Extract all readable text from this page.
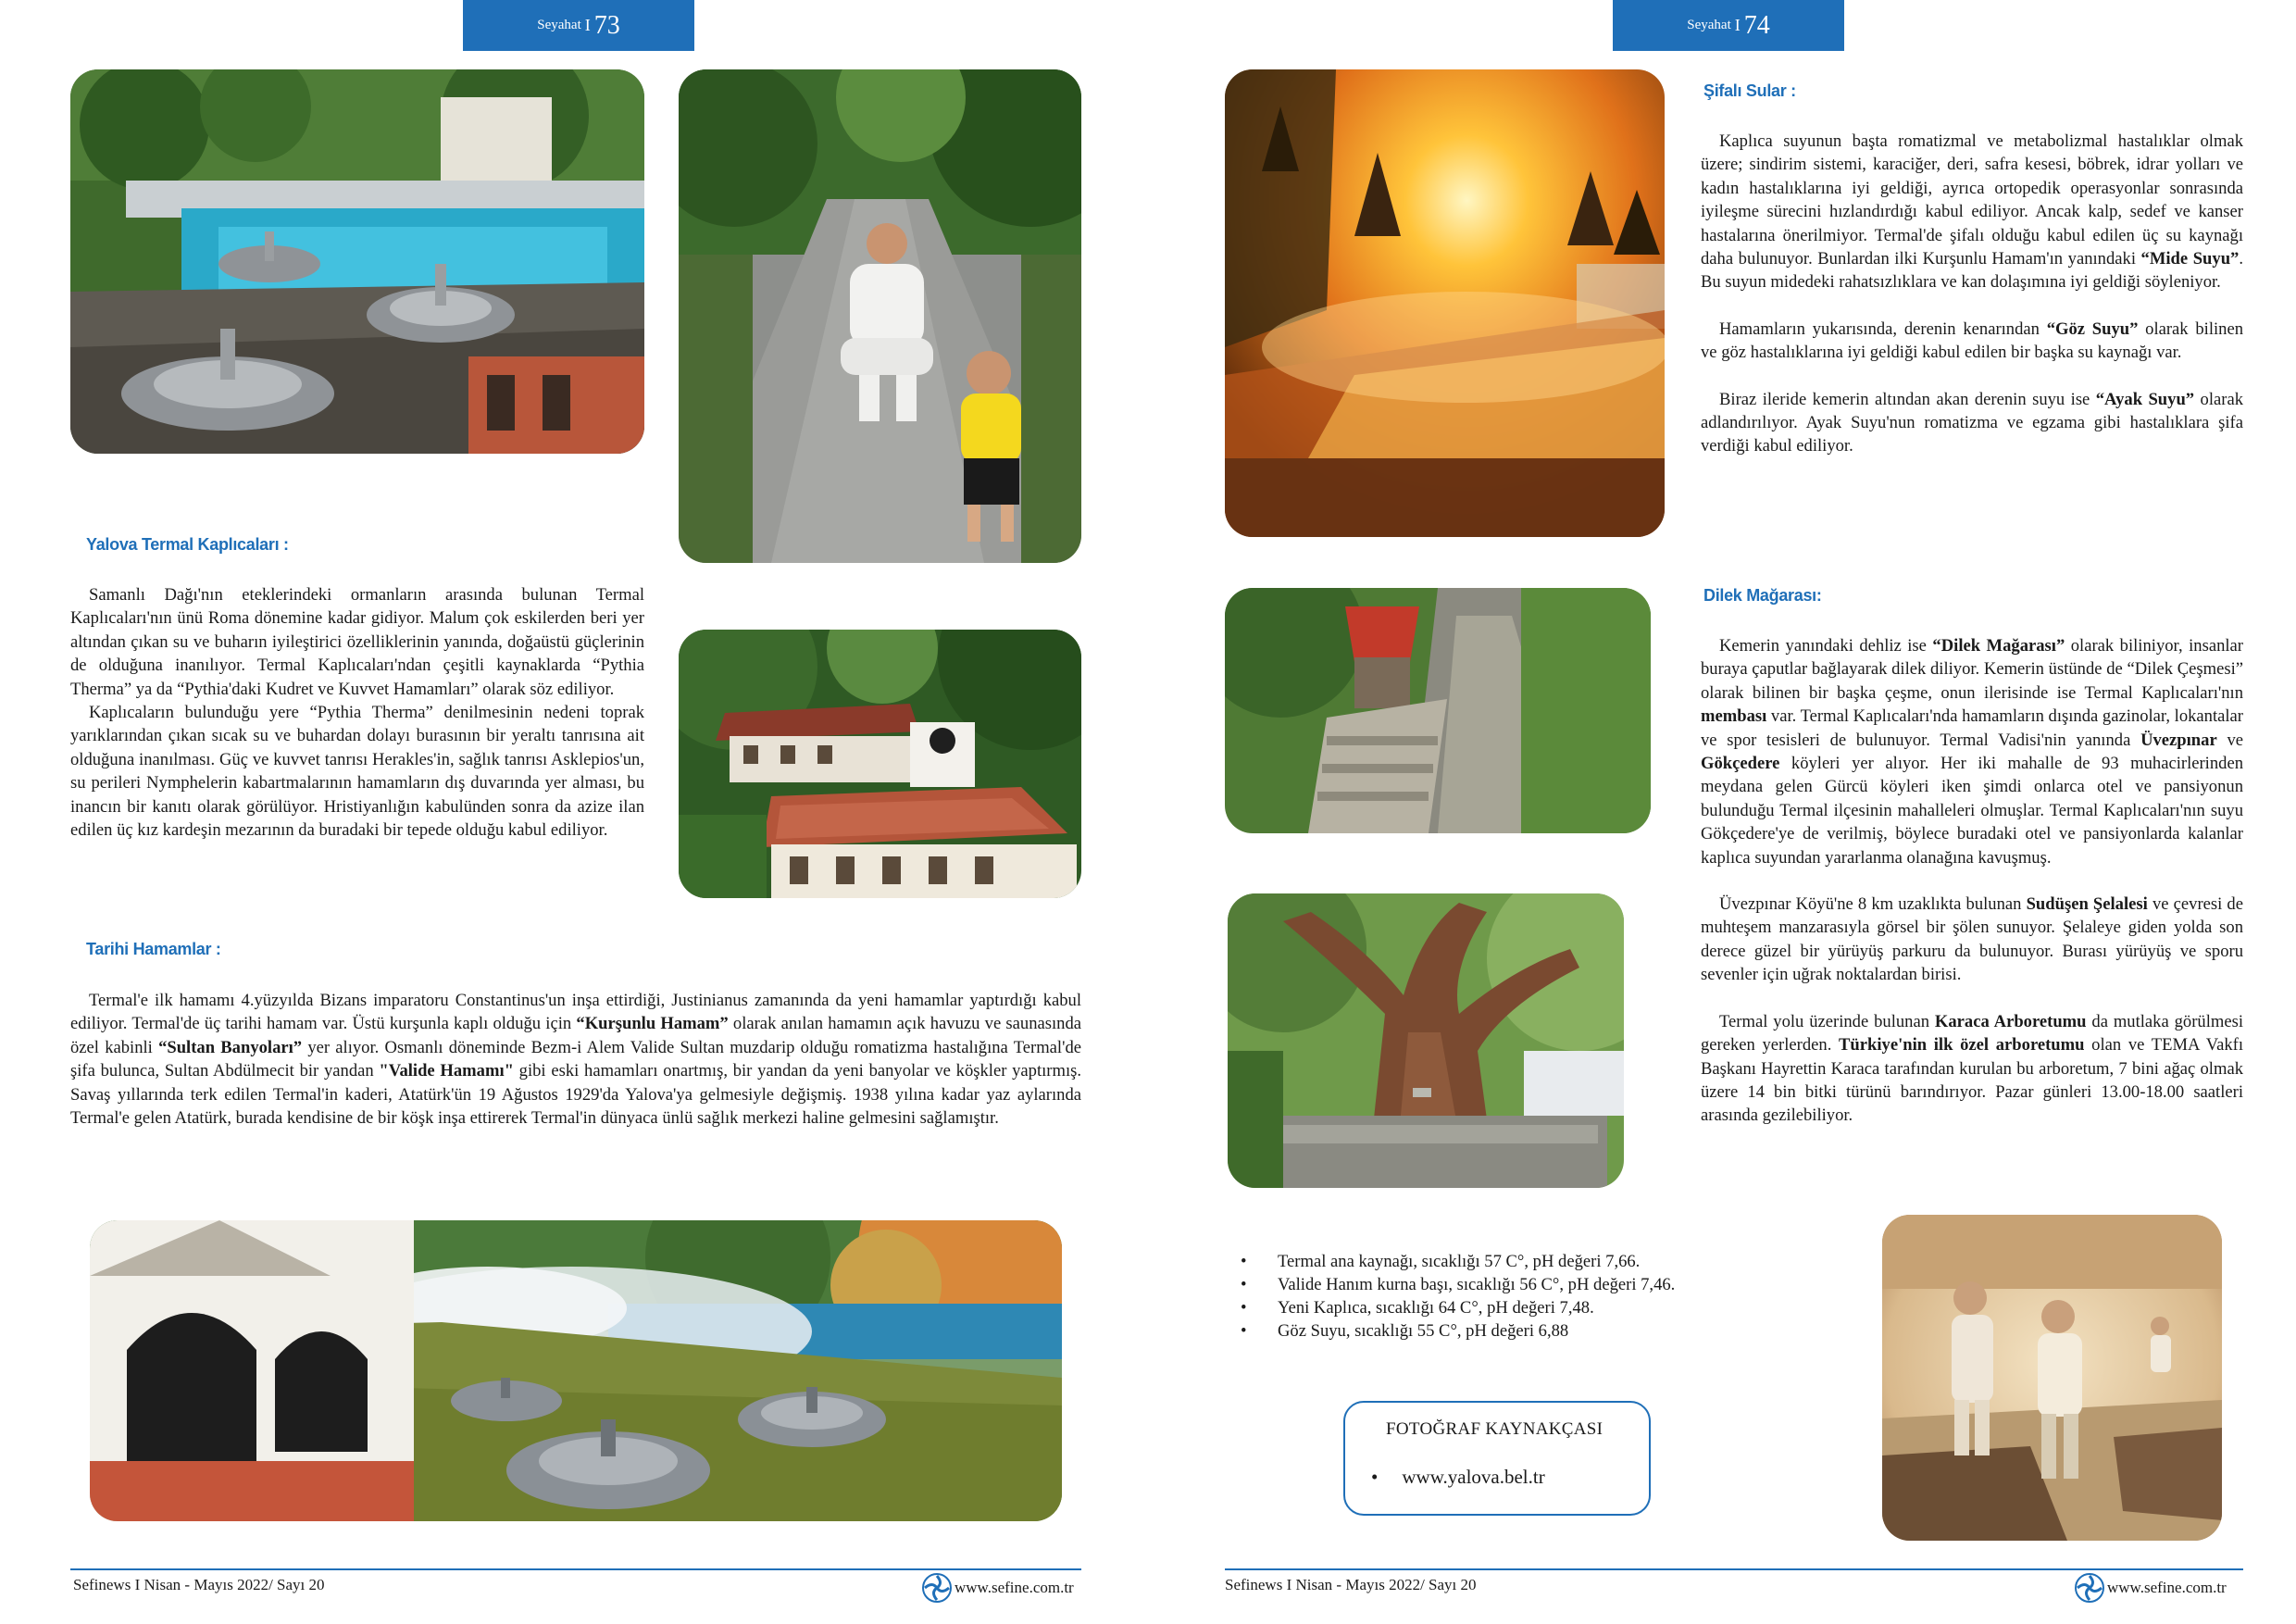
Seyahat I 73
Yalova Termal Kaplıcaları :

Samanlı Dağı'nın eteklerindeki ormanların arasında bulunan Termal Kaplıcaları'nın ünü Roma dönemine kadar gidiyor. Malum çok eskilerden beri yer altından çıkan su ve buharın iyileştirici özelliklerinin yanında, doğaüstü güçlerinin de olduğuna inanılıyor. Termal Kaplıcaları'ndan çeşitli kaynaklarda “Pythia Therma” ya da “Pythia'daki Kudret ve Kuvvet Hamamları” olarak söz ediliyor.

Kaplıcaların bulunduğu yere “Pythia Therma” denilmesinin nedeni toprak yarıklarından çıkan sıcak su ve buhardan dolayı burasının bir yeraltı tanrısına ait olduğuna inanılması. Güç ve kuvvet tanrısı Herakles'in, sağlık tanrısı Asklepios'un, su perileri Nymphelerin kabartmalarının hamamların dış duvarında yer alması, bu inancın bir kanıtı olarak görülüyor. Hristiyanlığın kabulünden sonra da azize ilan edilen üç kız kardeşin mezarının da buradaki bir tepede olduğu kabul ediliyor.

Tarihi Hamamlar :

Termal'e ilk hamamı 4.yüzyılda Bizans imparatoru Constantinus'un inşa ettirdiği, Justinianus zamanında da yeni hamamlar yaptırdığı kabul ediliyor. Termal'de üç tarihi hamam var. Üstü kurşunla kaplı olduğu için “Kurşunlu Hamam” olarak anılan hamamın açık havuzu ve saunasında özel kabinli “Sultan Banyoları” yer alıyor. Osmanlı döneminde Bezm-i Alem Valide Sultan muzdarip olduğu romatizma hastalığına Termal'de şifa bulunca, Sultan Abdülmecit bir yandan "Valide Hamamı" gibi eski hamamları onartmış, bir yandan da yeni banyolar ve köşkler yaptırmış. Savaş yıllarında terk edilen Termal'in kaderi, Atatürk'ün 19 Ağustos 1929'da Yalova'ya gelmesiyle değişmiş. 1938 yılına kadar yaz aylarında Termal'e gelen Atatürk, burada kendisine de bir köşk inşa ettirerek Termal'in dünyaca ünlü sağlık merkezi haline gelmesini sağlamıştır.

Sefinews I Nisan - Mayıs 2022/ Sayı 20	www.sefine.com.tr
Seyahat I 74
Şifalı Sular :

Kaplıca suyunun başta romatizmal ve metabolizmal hastalıklar olmak üzere; sindirim sistemi, karaciğer, deri, safra kesesi, böbrek, idrar yolları ve kadın hastalıklarına iyi geldiği, ayrıca ortopedik operasyonlar sonrasında iyileşme sürecini hızlandırdığı kabul ediliyor. Ancak kalp, sedef ve kanser hastalarına önerilmiyor. Termal'de şifalı olduğu kabul edilen üç su kaynağı daha bulunuyor. Bunlardan ilki Kurşunlu Hamam'ın yanındaki “Mide Suyu”. Bu suyun midedeki rahatsızlıklara ve kan dolaşımına iyi geldiği söyleniyor.

Hamamların yukarısında, derenin kenarından “Göz Suyu” olarak bilinen ve göz hastalıklarına iyi geldiği kabul edilen bir başka su kaynağı var.

Biraz ileride kemerin altından akan derenin suyu ise “Ayak Suyu” olarak adlandırılıyor. Ayak Suyu'nun romatizma ve egzama gibi hastalıklara şifa verdiği kabul ediliyor.

Dilek Mağarası:

Kemerin yanındaki dehliz ise “Dilek Mağarası” olarak biliniyor, insanlar buraya çaputlar bağlayarak dilek diliyor. Kemerin üstünde de “Dilek Çeşmesi” olarak bilinen bir başka çeşme, onun ilerisinde ise Termal Kaplıcaları'nın membası var. Termal Kaplıcaları'nda hamamların dışında gazinolar, lokantalar ve spor tesisleri de bulunuyor. Termal Vadisi'nin yanında Üvezpınar ve Gökçedere köyleri yer alıyor. Her iki mahalle de 93 muhacirlerinden meydana gelen Gürcü köyleri iken şimdi onlarca otel ve pansiyonun bulunduğu Termal ilçesinin mahalleleri olmuşlar. Termal Kaplıcaları'nın suyu Gökçedere'ye de verilmiş, böylece buradaki otel ve pansiyonlarda kalanlar kaplıca suyundan yararlanma olanağına kavuşmuş.

Üvezpınar Köyü'ne 8 km uzaklıkta bulunan Sudüşen Şelalesi ve çevresi de muhteşem manzarasıyla görsel bir şölen sunuyor. Şelaleye giden yolda son derece güzel bir yürüyüş parkuru da bulunuyor. Burası yürüyüş ve sporu sevenler için uğrak noktalardan birisi.

Termal yolu üzerinde bulunan Karaca Arboretumu da mutlaka görülmesi gereken yerlerden. Türkiye'nin ilk özel arboretumu olan ve TEMA Vakfı Başkanı Hayrettin Karaca tarafından kurulan bu arboretum, 7 bini ağaç olmak üzere 14 bin bitki türünü barındırıyor. Pazar günleri 13.00-18.00 saatleri arasında gezilebiliyor.

• Termal ana kaynağı, sıcaklığı 57 C°, pH değeri 7,66.
• Valide Hanım kurna başı, sıcaklığı 56 C°, pH değeri 7,46.
• Yeni Kaplıca, sıcaklığı 64 C°, pH değeri 7,48.
• Göz Suyu, sıcaklığı 55 C°, pH değeri 6,88
FOTOĞRAF KAYNAKÇASI
• www.yalova.bel.tr
Sefinews I Nisan - Mayıs 2022/ Sayı 20	www.sefine.com.tr
